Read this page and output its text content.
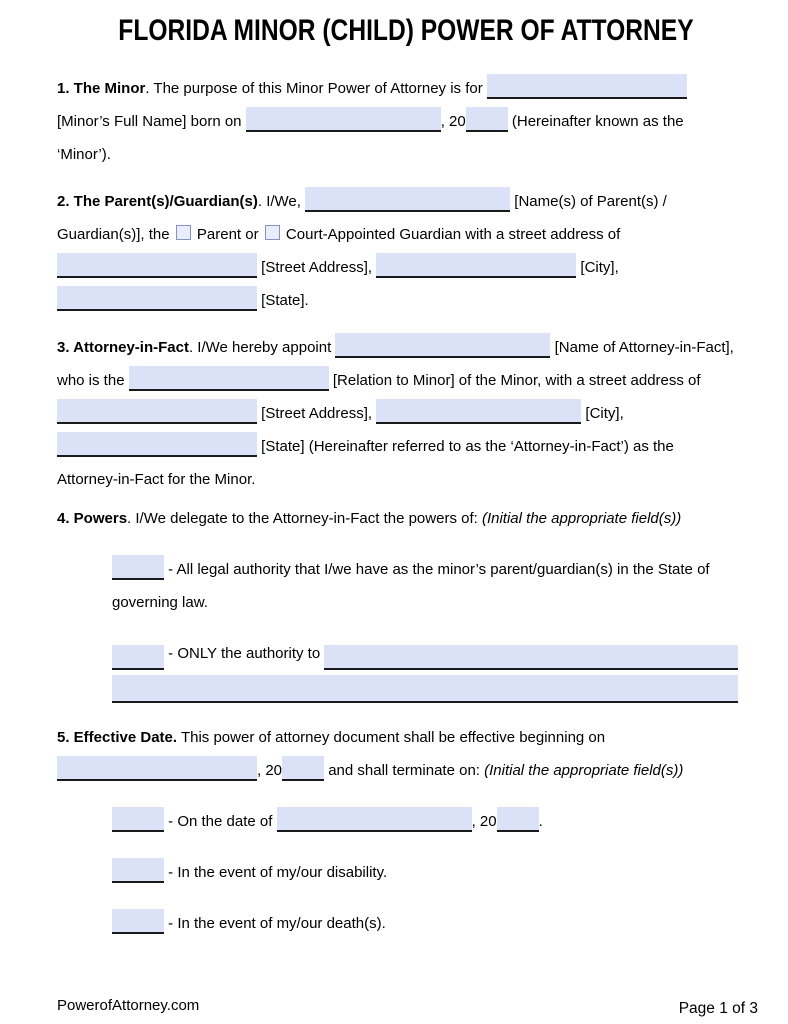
FLORIDA MINOR (CHILD) POWER OF ATTORNEY

1. The Minor. The purpose of this Minor Power of Attorney is for  [Minor’s Full Name] born on	, 20	(Hereinafter known as the ‘Minor’).

2. The Parent(s)/Guardian(s). I/We,	[Name(s) of Parent(s) / Guardian(s)], the  Parent or  Court-Appointed Guardian with a street address of  [Street Address],	[City],  [State].

3. Attorney-in-Fact. I/We hereby appoint	[Name of Attorney-in-Fact], who is the	[Relation to Minor] of the Minor, with a street address of  [Street Address],	[City],  [State] (Hereinafter referred to as the ‘Attorney-in-Fact’) as the Attorney-in-Fact for the Minor.

4. Powers. I/We delegate to the Attorney-in-Fact the powers of: (Initial the appropriate field(s))

- All legal authority that I/we have as the minor’s parent/guardian(s) in the State of governing law.
- ONLY the authority to

5. Effective Date. This power of attorney document shall be effective beginning on , 20	and shall terminate on: (Initial the appropriate field(s))

- On the date of	, 20	.
- In the event of my/our disability.
- In the event of my/our death(s).
PowerofAttorney.com	Page 1 of 3
